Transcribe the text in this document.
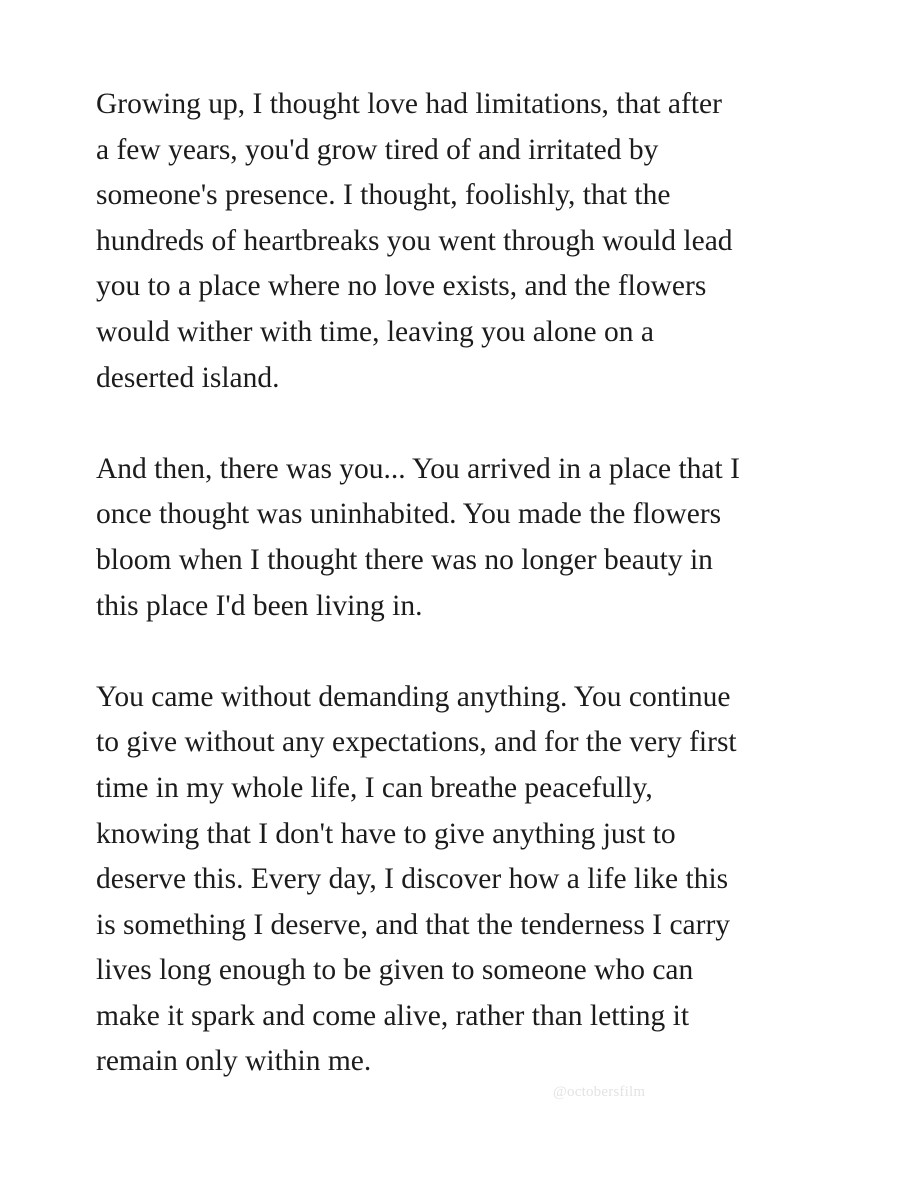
Growing up, I thought love had limitations, that after
a few years, you'd grow tired of and irritated by
someone's presence. I thought, foolishly, that the
hundreds of heartbreaks you went through would lead
you to a place where no love exists, and the flowers
would wither with time, leaving you alone on a
deserted island.

And then, there was you... You arrived in a place that I
once thought was uninhabited. You made the flowers
bloom when I thought there was no longer beauty in
this place I'd been living in.

You came without demanding anything. You continue
to give without any expectations, and for the very first
time in my whole life, I can breathe peacefully,
knowing that I don't have to give anything just to
deserve this. Every day, I discover how a life like this
is something I deserve, and that the tenderness I carry
lives long enough to be given to someone who can
make it spark and come alive, rather than letting it
remain only within me.

@octobersfilm
